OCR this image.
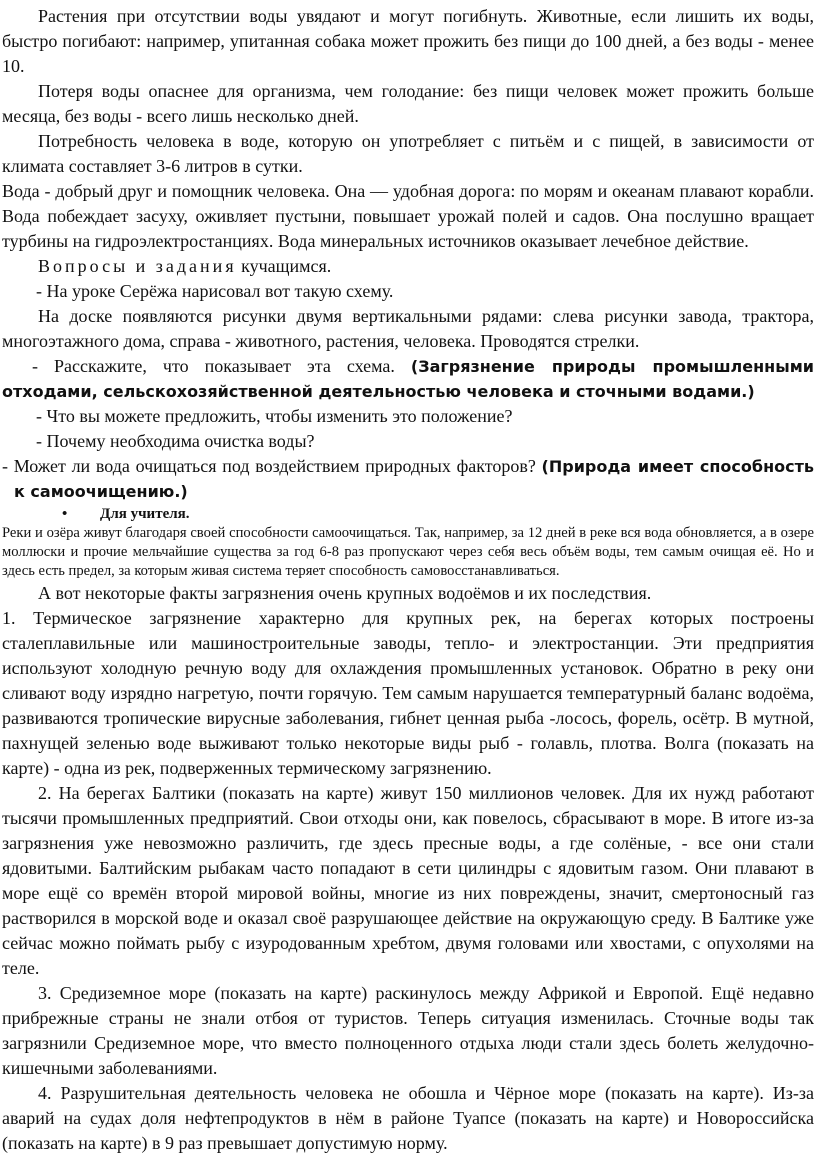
Растения при отсутствии воды увядают и могут погибнуть. Животные, если лишить их воды, быстро погибают: например, упитанная собака может прожить без пищи до 100 дней, а без воды - менее 10.

Потеря воды опаснее для организма, чем голодание: без пищи человек может прожить больше месяца, без воды - всего лишь несколько дней.

Потребность человека в воде, которую он употребляет с питьём и с пищей, в зависимости от климата составляет 3-6 литров в сутки.

Вода - добрый друг и помощник человека. Она — удобная дорога: по морям и океанам плавают корабли. Вода побеждает засуху, оживляет пустыни, повышает урожай полей и садов. Она послушно вращает турбины на гидроэлектростанциях. Вода минеральных источников оказывает лечебное действие.

Вопросы и задания кучащимся.

- На уроке Серёжа нарисовал вот такую схему.

На доске появляются рисунки двумя вертикальными рядами: слева рисунки завода, трактора, многоэтажного дома, справа - животного, растения, человека. Проводятся стрелки.

- Расскажите, что показывает эта схема. (Загрязнение природы промышленными отходами, сельскохозяйственной деятельностью человека и сточными водами.)

- Что вы можете предложить, чтобы изменить это положение?

- Почему необходима очистка воды?

- Может ли вода очищаться под воздействием природных факторов? (Природа имеет способность к самоочищению.)

• Для учителя.

Реки и озёра живут благодаря своей способности самоочищаться. Так, например, за 12 дней в реке вся вода обновляется, а в озере моллюски и прочие мельчайшие существа за год 6-8 раз пропускают через себя весь объём воды, тем самым очищая её. Но и здесь есть предел, за которым живая система теряет способность самовосстанавливаться.

А вот некоторые факты загрязнения очень крупных водоёмов и их последствия.

1. Термическое загрязнение характерно для крупных рек, на берегах которых построены сталеплавильные или машиностроительные заводы, тепло- и электростанции. Эти предприятия используют холодную речную воду для охлаждения промышленных установок. Обратно в реку они сливают воду изрядно нагретую, почти горячую. Тем самым нарушается температурный баланс водоёма, развиваются тропические вирусные заболевания, гибнет ценная рыба -лосось, форель, осётр. В мутной, пахнущей зеленью воде выживают только некоторые виды рыб - голавль, плотва. Волга (показать на карте) - одна из рек, подверженных термическому загрязнению.

2. На берегах Балтики (показать на карте) живут 150 миллионов человек. Для их нужд работают тысячи промышленных предприятий. Свои отходы они, как повелось, сбрасывают в море. В итоге из-за загрязнения уже невозможно различить, где здесь пресные воды, а где солёные, - все они стали ядовитыми. Балтийским рыбакам часто попадают в сети цилиндры с ядовитым газом. Они плавают в море ещё со времён второй мировой войны, многие из них повреждены, значит, смертоносный газ растворился в морской воде и оказал своё разрушающее действие на окружающую среду. В Балтике уже сейчас можно поймать рыбу с изуродованным хребтом, двумя головами или хвостами, с опухолями на теле.

3. Средиземное море (показать на карте) раскинулось между Африкой и Европой. Ещё недавно прибрежные страны не знали отбоя от туристов. Теперь ситуация изменилась. Сточные воды так загрязнили Средиземное море, что вместо полноценного отдыха люди стали здесь болеть желудочно-кишечными заболеваниями.

4. Разрушительная деятельность человека не обошла и Чёрное море (показать на карте). Из-за аварий на судах доля нефтепродуктов в нём в районе Туапсе (показать на карте) и Новороссийска (показать на карте) в 9 раз превышает допустимую норму.
